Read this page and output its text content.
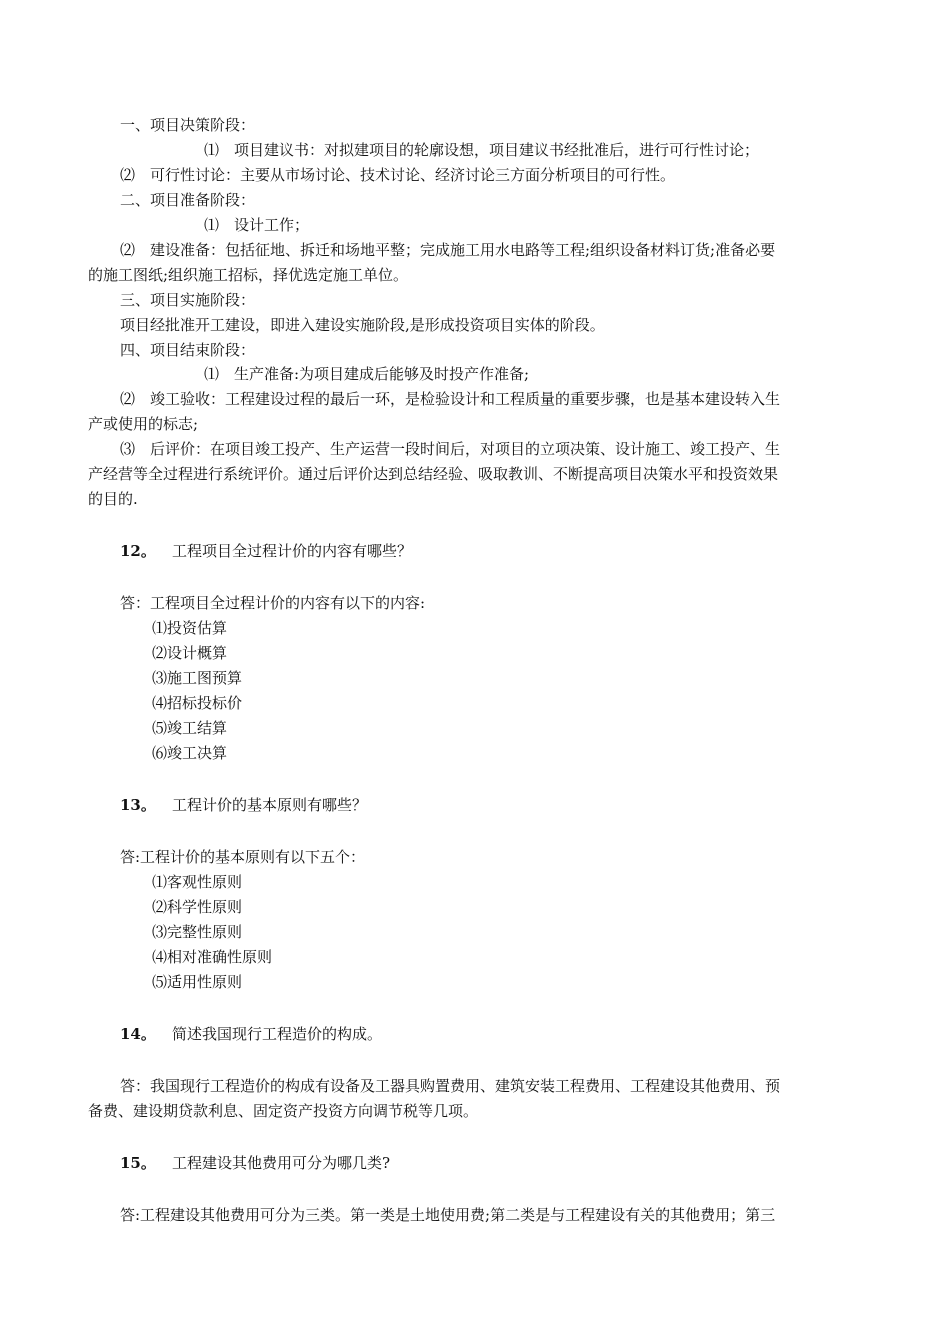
一、项目决策阶段：
⑴　项目建议书：对拟建项目的轮廓设想，项目建议书经批准后，进行可行性讨论；
⑵　可行性讨论：主要从市场讨论、技术讨论、经济讨论三方面分析项目的可行性。
二、项目准备阶段：
⑴　设计工作；
⑵　建设准备：包括征地、拆迁和场地平整；完成施工用水电路等工程;组织设备材料订货;准备必要
的施工图纸;组织施工招标，择优选定施工单位。
三、项目实施阶段：
项目经批准开工建设，即进入建设实施阶段,是形成投资项目实体的阶段。
四、项目结束阶段：
⑴　生产准备:为项目建成后能够及时投产作准备;
⑵　竣工验收：工程建设过程的最后一环，是检验设计和工程质量的重要步骤，也是基本建设转入生
产或使用的标志;
⑶　后评价：在项目竣工投产、生产运营一段时间后，对项目的立项决策、设计施工、竣工投产、生
产经营等全过程进行系统评价。通过后评价达到总结经验、吸取教训、不断提高项目决策水平和投资效果
的目的.
12。 工程项目全过程计价的内容有哪些？
答：工程项目全过程计价的内容有以下的内容:
⑴投资估算
⑵设计概算
⑶施工图预算
⑷招标投标价
⑸竣工结算
⑹竣工决算
13。 工程计价的基本原则有哪些？
答:工程计价的基本原则有以下五个：
⑴客观性原则
⑵科学性原则
⑶完整性原则
⑷相对准确性原则
⑸适用性原则
14。 简述我国现行工程造价的构成。
答：我国现行工程造价的构成有设备及工器具购置费用、建筑安装工程费用、工程建设其他费用、预
备费、建设期贷款利息、固定资产投资方向调节税等几项。
15。 工程建设其他费用可分为哪几类?
答:工程建设其他费用可分为三类。第一类是土地使用费;第二类是与工程建设有关的其他费用；第三
